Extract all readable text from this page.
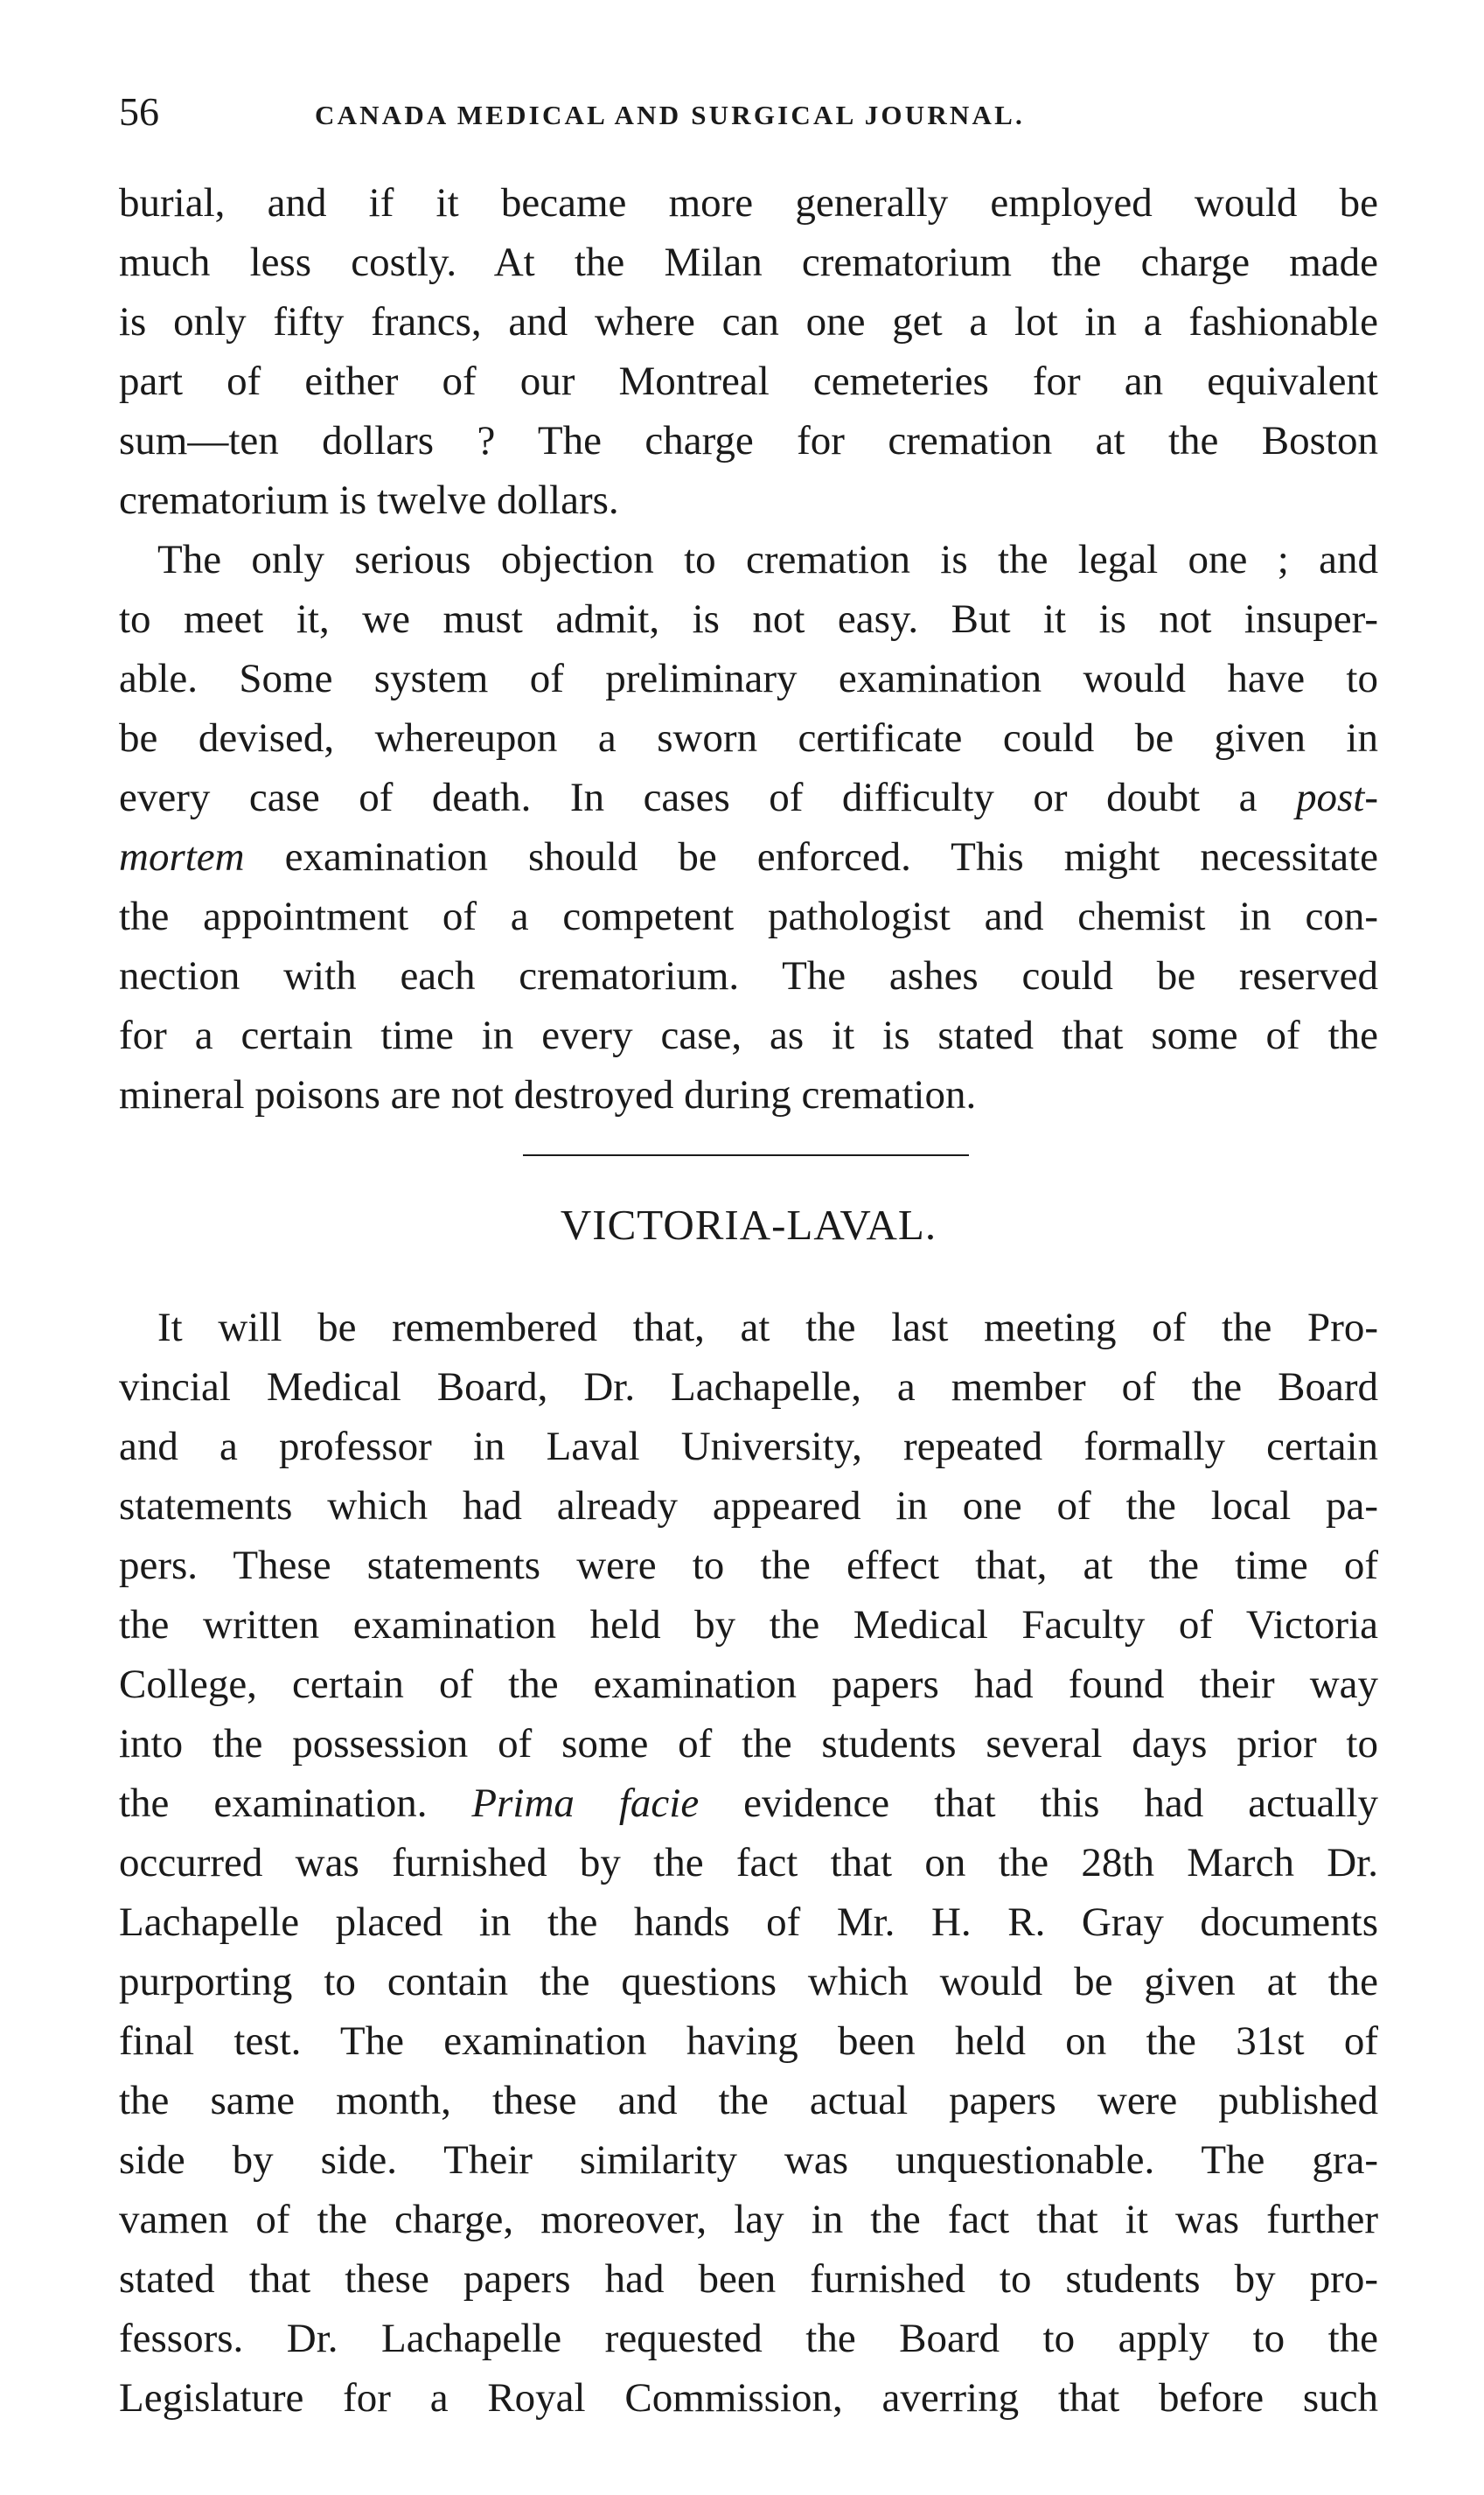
56	CANADA MEDICAL AND SURGICAL JOURNAL.
burial, and if it became more generally employed would be
much less costly. At the Milan crematorium the charge made
is only fifty francs, and where can one get a lot in a fashionable
part of either of our Montreal cemeteries for an equivalent
sum—ten dollars ? The charge for cremation at the Boston
crematorium is twelve dollars.
The only serious objection to cremation is the legal one ; and
to meet it, we must admit, is not easy. But it is not insuper-
able. Some system of preliminary examination would have to
be devised, whereupon a sworn certificate could be given in
every case of death. In cases of difficulty or doubt a post-
mortem examination should be enforced. This might necessitate
the appointment of a competent pathologist and chemist in con-
nection with each crematorium. The ashes could be reserved
for a certain time in every case, as it is stated that some of the
mineral poisons are not destroyed during cremation.
VICTORIA-LAVAL.
It will be remembered that, at the last meeting of the Pro-
vincial Medical Board, Dr. Lachapelle, a member of the Board
and a professor in Laval University, repeated formally certain
statements which had already appeared in one of the local pa-
pers. These statements were to the effect that, at the time of
the written examination held by the Medical Faculty of Victoria
College, certain of the examination papers had found their way
into the possession of some of the students several days prior to
the examination. Prima facie evidence that this had actually
occurred was furnished by the fact that on the 28th March Dr.
Lachapelle placed in the hands of Mr. H. R. Gray documents
purporting to contain the questions which would be given at the
final test. The examination having been held on the 31st of
the same month, these and the actual papers were published
side by side. Their similarity was unquestionable. The gra-
vamen of the charge, moreover, lay in the fact that it was further
stated that these papers had been furnished to students by pro-
fessors. Dr. Lachapelle requested the Board to apply to the
Legislature for a Royal Commission, averring that before such
